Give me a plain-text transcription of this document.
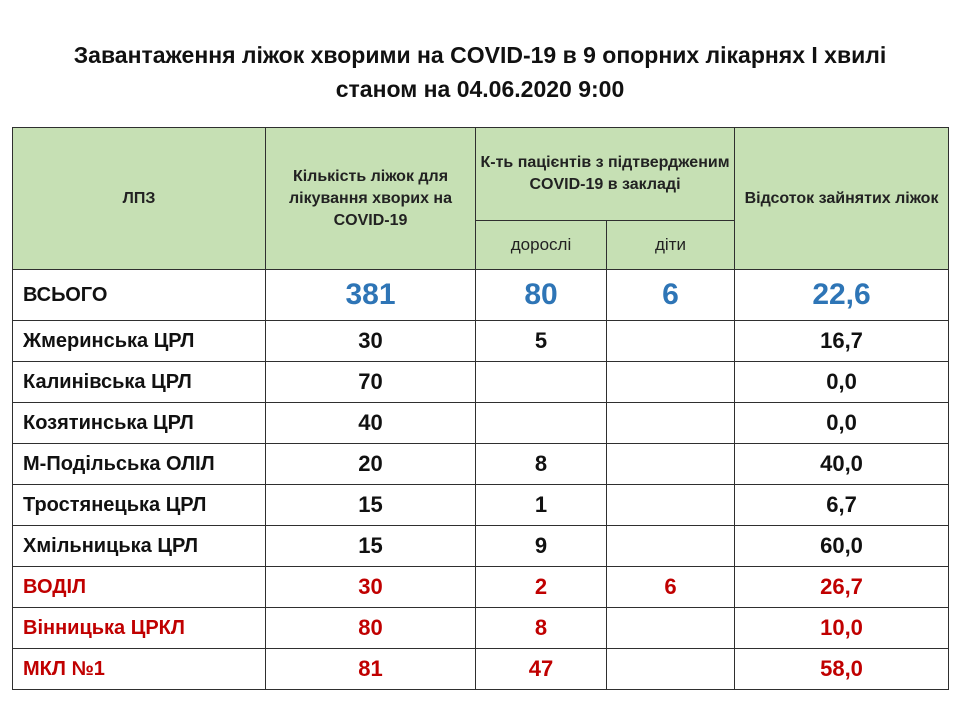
Завантаження ліжок хворими на COVID-19 в 9 опорних лікарнях І хвилі
станом на 04.06.2020 9:00
ЛПЗ	Кількість ліжок для лікування хворих на COVID-19	К-ть пацієнтів з підтвердженим COVID-19 в закладі		Відсоток зайнятих ліжок
		дорослі	діти	
ВСЬОГО	381	80	6	22,6
Жмеринська ЦРЛ	30	5		16,7
Калинівська ЦРЛ	70			0,0
Козятинська ЦРЛ	40			0,0
М-Подільська ОЛІЛ	20	8		40,0
Тростянецька ЦРЛ	15	1		6,7
Хмільницька ЦРЛ	15	9		60,0
ВОДІЛ	30	2	6	26,7
Вінницька ЦРКЛ	80	8		10,0
МКЛ №1	81	47		58,0
